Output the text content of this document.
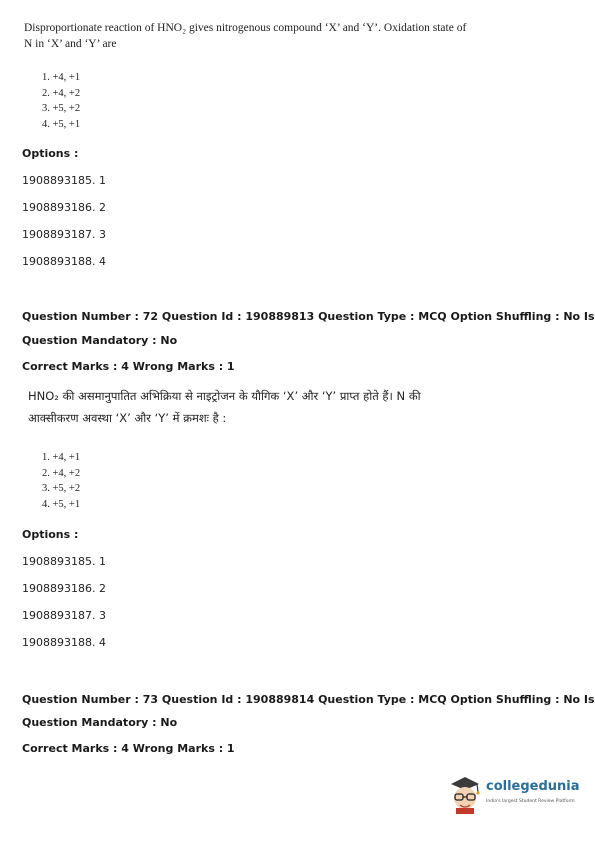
Disproportionate reaction of HNO₂ gives nitrogenous compound ‘X’ and ‘Y’. Oxidation state of
N in ‘X’ and ‘Y’ are
1. +4, +1
2. +4, +2
3. +5, +2
4. +5, +1
Options :
1908893185. 1
1908893186. 2
1908893187. 3
1908893188. 4
Question Number : 72 Question Id : 190889813 Question Type : MCQ Option Shuffling : No Is
Question Mandatory : No
Correct Marks : 4 Wrong Marks : 1
HNO₂ की असमानुपातित अभिक्रिया से नाइट्रोजन के यौगिक ‘X’ और ‘Y’ प्राप्त होते हैं। N की
आक्सीकरण अवस्था ‘X’ और ‘Y’ में क्रमशः है :
1. +4, +1
2. +4, +2
3. +5, +2
4. +5, +1
Options :
1908893185. 1
1908893186. 2
1908893187. 3
1908893188. 4
Question Number : 73 Question Id : 190889814 Question Type : MCQ Option Shuffling : No Is
Question Mandatory : No
Correct Marks : 4 Wrong Marks : 1
collegedunia
India's largest Student Review Platform
